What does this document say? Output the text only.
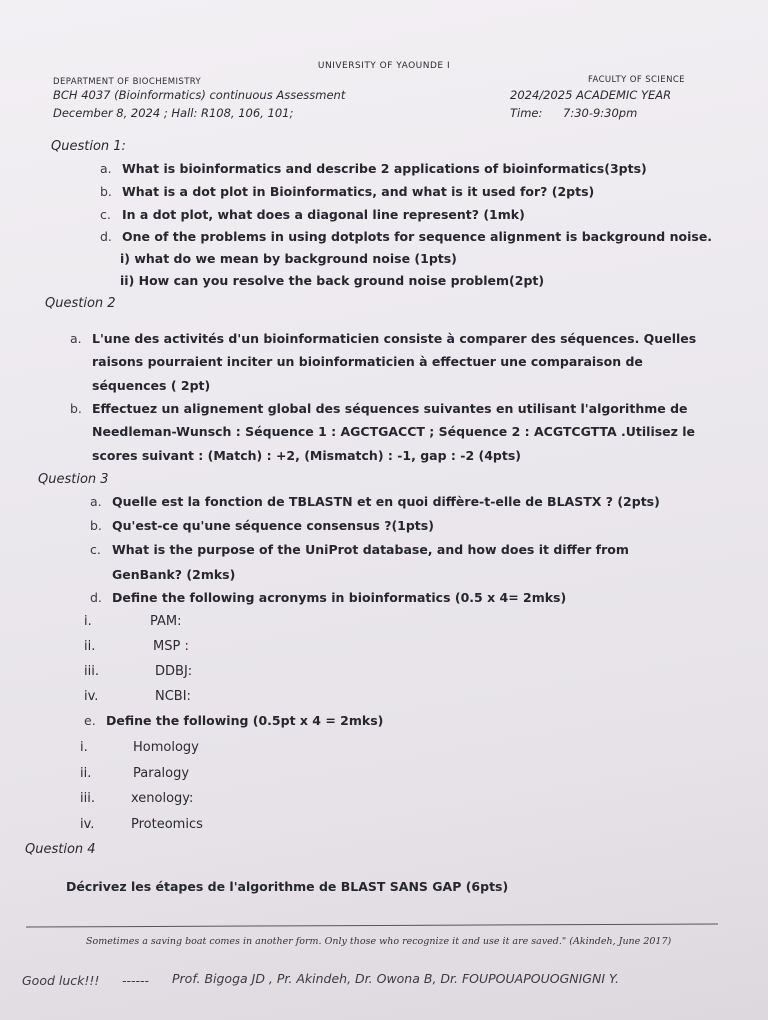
UNIVERSITY OF YAOUNDE I
DEPARTMENT OF BIOCHEMISTRY	FACULTY OF SCIENCE
BCH 4037 (Bioinformatics) continuous Assessment	2024/2025 ACADEMIC YEAR
December 8, 2024 ; Hall: R108, 106, 101;	Time: 7:30-9:30pm
Question 1:
a. What is bioinformatics and describe 2 applications of bioinformatics(3pts)
b. What is a dot plot in Bioinformatics, and what is it used for? (2pts)
c. In a dot plot, what does a diagonal line represent? (1mk)
d. One of the problems in using dotplots for sequence alignment is background noise.
i) what do we mean by background noise (1pts)
ii) How can you resolve the back ground noise problem(2pt)
Question 2
a. L'une des activités d'un bioinformaticien consiste à comparer des séquences. Quelles
raisons pourraient inciter un bioinformaticien à effectuer une comparaison de
séquences ( 2pt)
b. Effectuez un alignement global des séquences suivantes en utilisant l'algorithme de
Needleman-Wunsch : Séquence 1 : AGCTGACCT ; Séquence 2 : ACGTCGTTA .Utilisez le
scores suivant : (Match) : +2, (Mismatch) : -1, gap : -2 (4pts)
Question 3
a. Quelle est la fonction de TBLASTN et en quoi diffère-t-elle de BLASTX ? (2pts)
b. Qu'est-ce qu'une séquence consensus ?(1pts)
c. What is the purpose of the UniProt database, and how does it differ from
GenBank? (2mks)
d. Define the following acronyms in bioinformatics (0.5 x 4= 2mks)
i.	PAM:
ii.	MSP :
iii.	DDBJ:
iv.	NCBI:
e. Define the following (0.5pt x 4 = 2mks)
i.	Homology
ii.	Paralogy
iii.	xenology:
iv.	Proteomics
Question 4
Décrivez les étapes de l'algorithme de BLAST SANS GAP (6pts)
Sometimes a saving boat comes in another form. Only those who recognize it and use it are saved." (Akindeh, June 2017)
Good luck!!! ------ Prof. Bigoga JD , Pr. Akindeh, Dr. Owona B, Dr. FOUPOUAPOUOGNIGNI Y.
